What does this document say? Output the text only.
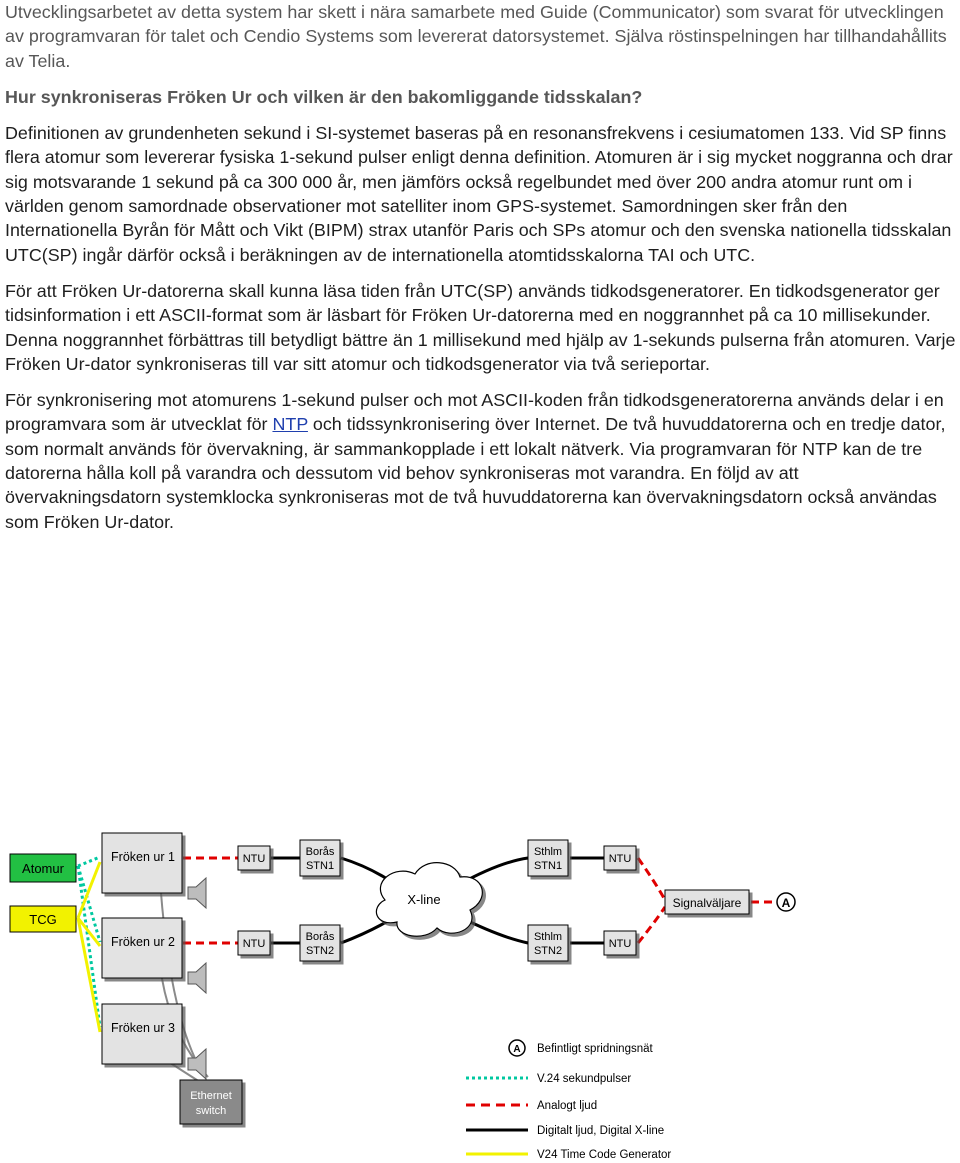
Utvecklingsarbetet av detta system har skett i nära samarbete med Guide (Communicator) som svarat för utvecklingen av programvaran för talet och Cendio Systems som levererat datorsystemet. Själva röstinspelningen har tillhandahållits av Telia.

Hur synkroniseras Fröken Ur och vilken är den bakomliggande tidsskalan?

Definitionen av grundenheten sekund i SI-systemet baseras på en resonansfrekvens i cesiumatomen 133. Vid SP finns flera atomur som levererar fysiska 1-sekund pulser enligt denna definition. Atomuren är i sig mycket noggranna och drar sig motsvarande 1 sekund på ca 300 000 år, men jämförs också regelbundet med över 200 andra atomur runt om i världen genom samordnade observationer mot satelliter inom GPS-systemet. Samordningen sker från den Internationella Byrån för Mått och Vikt (BIPM) strax utanför Paris och SPs atomur och den svenska nationella tidsskalan UTC(SP) ingår därför också i beräkningen av de internationella atomtidsskalorna TAI och UTC.

För att Fröken Ur-datorerna skall kunna läsa tiden från UTC(SP) används tidkodsgeneratorer. En tidkodsgenerator ger tidsinformation i ett ASCII-format som är läsbart för Fröken Ur-datorerna med en noggrannhet på ca 10 millisekunder. Denna noggrannhet förbättras till betydligt bättre än 1 millisekund med hjälp av 1-sekunds pulserna från atomuren. Varje Fröken Ur-dator synkroniseras till var sitt atomur och tidkodsgenerator via två serieportar.

För synkronisering mot atomurens 1-sekund pulser och mot ASCII-koden från tidkodsgeneratorerna används delar i en programvara som är utvecklat för NTP och tidssynkronisering över Internet. De två huvuddatorerna och en tredje dator, som normalt används för övervakning, är sammankopplade i ett lokalt nätverk. Via programvaran för NTP kan de tre datorerna hålla koll på varandra och dessutom vid behov synkroniseras mot varandra. En följd av att övervakningsdatorn systemklocka synkroniseras mot de två huvuddatorerna kan övervakningsdatorn också användas som Fröken Ur-dator.

Atomur
TCG
Fröken ur 1
Fröken ur 2
Fröken ur 3
NTU
NTU
Borås
STN1
Borås
STN2
X-line
Sthlm
STN1
Sthlm
STN2
NTU
NTU
Signalväljare	A
Ethernet
switch
A Befintligt spridningsnät
V.24 sekundpulser
Analogt ljud
Digitalt ljud, Digital X-line
V24 Time Code Generator
